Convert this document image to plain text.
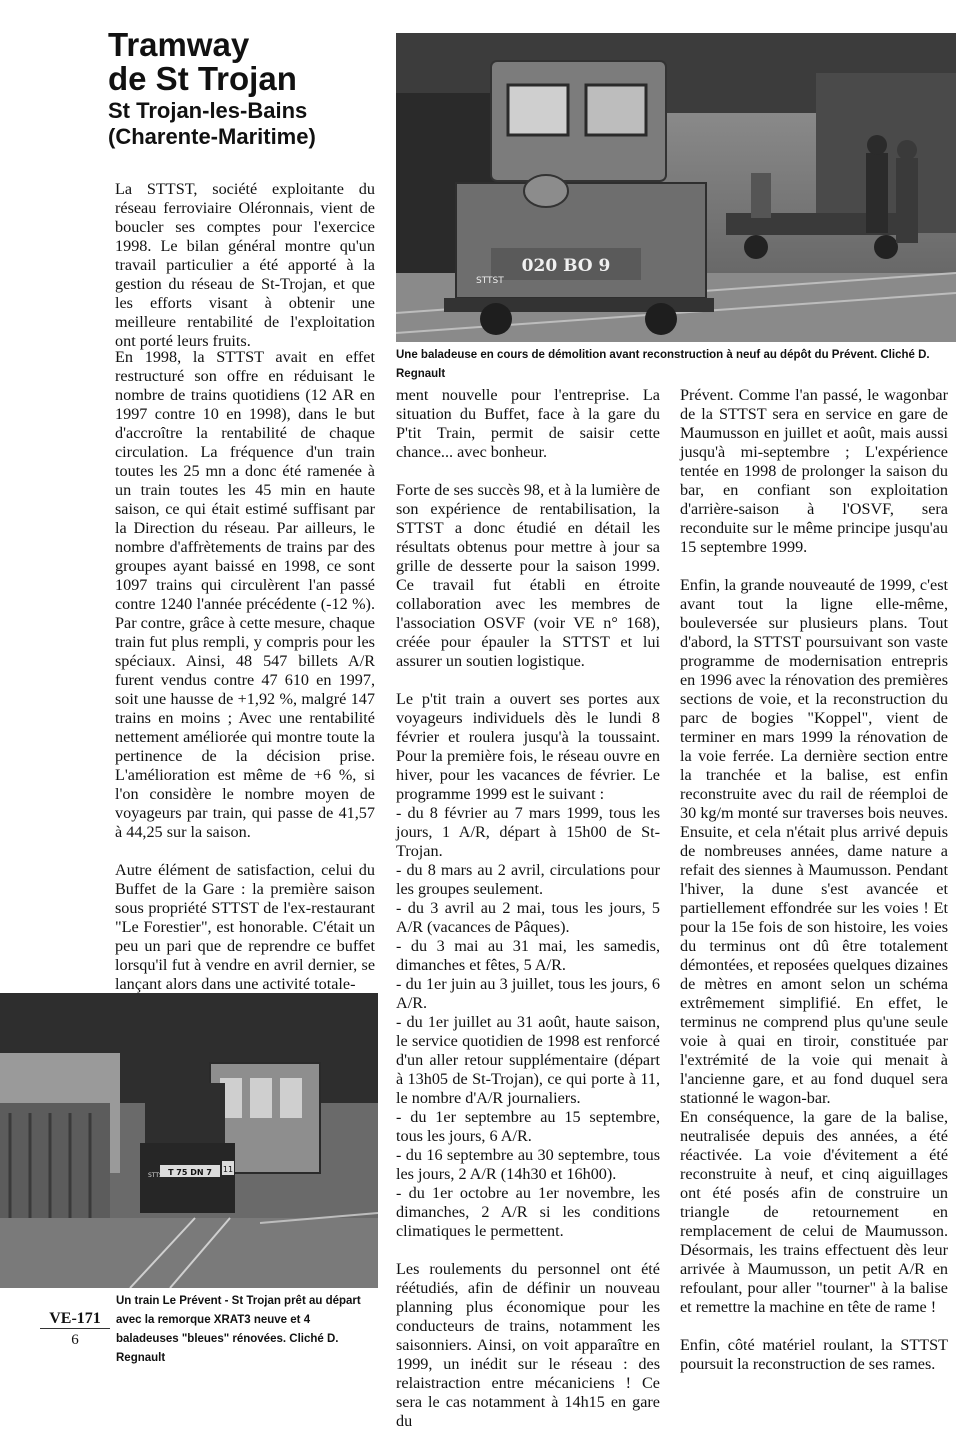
Tramway
de St Trojan
St Trojan-les-Bains
(Charente-Maritime)
020 BO 9
STTST
Une baladeuse en cours de démolition avant reconstruction à neuf au dépôt du Prévent. Cliché D. Regnault

La STTST, société exploitante du réseau ferroviaire Oléronnais, vient de boucler ses comptes pour l'exercice 1998. Le bilan général montre qu'un travail particulier a été apporté à la gestion du réseau de St-Trojan, et que les efforts visant à obtenir une meilleure rentabilité de l'exploitation ont porté leurs fruits.

En 1998, la STTST avait en effet restructuré son offre en réduisant le nombre de trains quotidiens (12 AR en 1997 contre 10 en 1998), dans le but d'accroître la rentabilité de chaque circulation. La fréquence d'un train toutes les 25 mn a donc été ramenée à un train toutes les 45 min en haute saison, ce qui était estimé suffisant par la Direction du réseau. Par ailleurs, le nombre d'affrètements de trains par des groupes ayant baissé en 1998, ce sont 1097 trains qui circulèrent l'an passé contre 1240 l'année précédente (-12 %). Par contre, grâce à cette mesure, chaque train fut plus rempli, y compris pour les spéciaux. Ainsi, 48 547 billets A/R furent vendus contre 47 610 en 1997, soit une hausse de +1,92 %, malgré 147 trains en moins ; Avec une rentabilité nettement améliorée qui montre toute la pertinence de la décision prise. L'amélioration est même de +6 %, si l'on considère le nombre moyen de voyageurs par train, qui passe de 41,57 à 44,25 sur la saison.

Autre élément de satisfaction, celui du Buffet de la Gare : la première saison sous propriété STTST de l'ex-restaurant "Le Forestier", est honorable. C'était un peu un pari que de reprendre ce buffet lorsqu'il fut à vendre en avril dernier, se lançant alors dans une activité totale-

T 75 DN 7
STTST
11
Un train Le Prévent - St Trojan prêt au départ avec la remorque XRAT3 neuve et 4 baladeuses "bleues" rénovées. Cliché D. Regnault

ment nouvelle pour l'entreprise. La situation du Buffet, face à la gare du P'tit Train, permit de saisir cette chance... avec bonheur.

Forte de ses succès 98, et à la lumière de son expérience de rentabilisation, la STTST a donc étudié en détail les résultats obtenus pour mettre à jour sa grille de desserte pour la saison 1999. Ce travail fut établi en étroite collaboration avec les membres de l'association OSVF (voir VE n° 168), créée pour épauler la STTST et lui assurer un soutien logistique.

Le p'tit train a ouvert ses portes aux voyageurs individuels dès le lundi 8 février et roulera jusqu'à la toussaint. Pour la première fois, le réseau ouvre en hiver, pour les vacances de février. Le programme 1999 est le suivant :

- du 8 février au 7 mars 1999, tous les jours, 1 A/R, départ à 15h00 de St-Trojan.

- du 8 mars au 2 avril, circulations pour les groupes seulement.

- du 3 avril au 2 mai, tous les jours, 5 A/R (vacances de Pâques).

- du 3 mai au 31 mai, les samedis, dimanches et fêtes, 5 A/R.

- du 1er juin au 3 juillet, tous les jours, 6 A/R.

- du 1er juillet au 31 août, haute saison, le service quotidien de 1998 est renforcé d'un aller retour supplémentaire (départ à 13h05 de St-Trojan), ce qui porte à 11, le nombre d'A/R journaliers.

- du 1er septembre au 15 septembre, tous les jours, 6 A/R.

- du 16 septembre au 30 septembre, tous les jours, 2 A/R (14h30 et 16h00).

- du 1er octobre au 1er novembre, les dimanches, 2 A/R si les conditions climatiques le permettent.

Les roulements du personnel ont été réétudiés, afin de définir un nouveau planning plus économique pour les conducteurs de trains, notamment les saisonniers. Ainsi, on voit apparaître en 1999, un inédit sur le réseau : des relaistraction entre mécaniciens ! Ce sera le cas notamment à 14h15 en gare du

Prévent. Comme l'an passé, le wagonbar de la STTST sera en service en gare de Maumusson en juillet et août, mais aussi jusqu'à mi-septembre ; L'expérience tentée en 1998 de prolonger la saison du bar, en confiant son exploitation d'arrière-saison à l'OSVF, sera reconduite sur le même principe jusqu'au 15 septembre 1999.

Enfin, la grande nouveauté de 1999, c'est avant tout la ligne elle-même, bouleversée sur plusieurs plans. Tout d'abord, la STTST poursuivant son vaste programme de modernisation entrepris en 1996 avec la rénovation des premières sections de voie, et la reconstruction du parc de bogies "Koppel", vient de terminer en mars 1999 la rénovation de la voie ferrée. La dernière section entre la tranchée et la balise, est enfin reconstruite avec du rail de réemploi de 30 kg/m monté sur traverses bois neuves. Ensuite, et cela n'était plus arrivé depuis de nombreuses années, dame nature a refait des siennes à Maumusson. Pendant l'hiver, la dune s'est avancée et partiellement effondrée sur les voies ! Et pour la 15e fois de son histoire, les voies du terminus ont dû être totalement démontées, et reposées quelques dizaines de mètres en amont selon un schéma extrêmement simplifié. En effet, le terminus ne comprend plus qu'une seule voie à quai en tiroir, constituée par l'extrémité de la voie qui menait à l'ancienne gare, et au fond duquel sera stationné le wagon-bar.

En conséquence, la gare de la balise, neutralisée depuis des années, a été réactivée. La voie d'évitement a été reconstruite à neuf, et cinq aiguillages ont été posés afin de construire un triangle de retournement en remplacement de celui de Maumusson. Désormais, les trains effectuent dès leur arrivée à Maumusson, un petit A/R en refoulant, pour aller "tourner" à la balise et remettre la machine en tête de rame !

Enfin, côté matériel roulant, la STTST poursuit la reconstruction de ses rames.

VE-171
6
